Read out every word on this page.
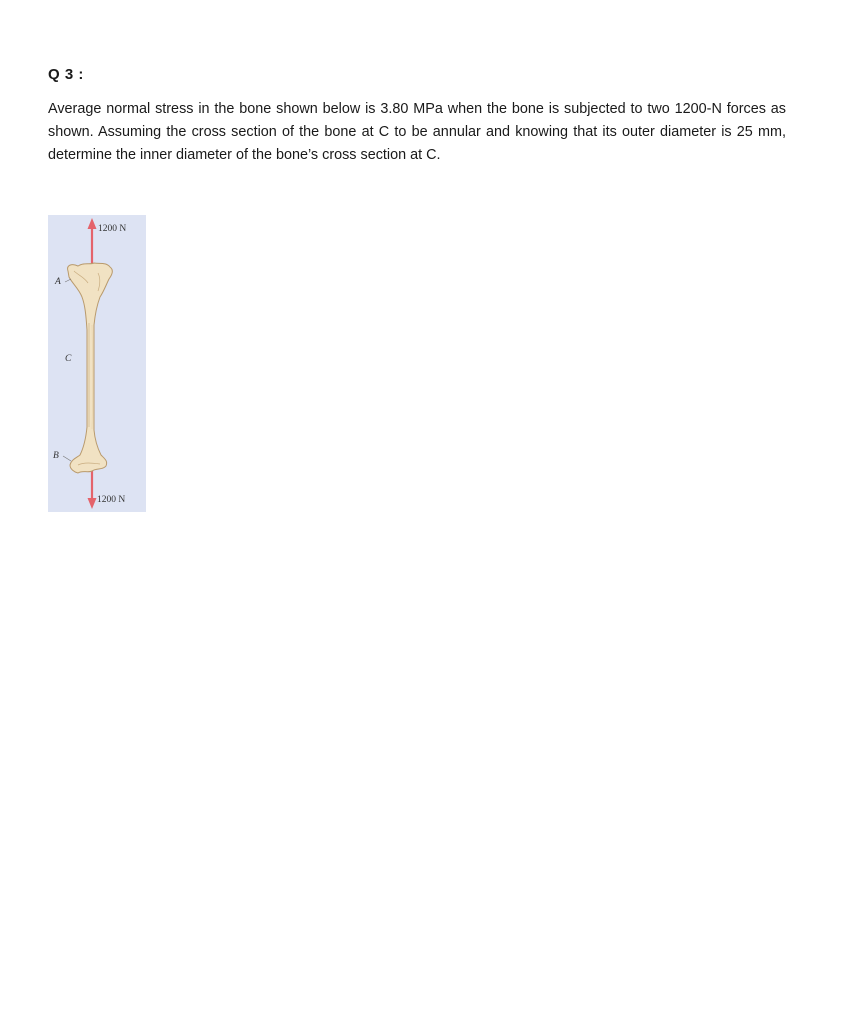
Q 3 :
Average normal stress in the bone shown below is 3.80 MPa when the bone is subjected to two 1200-N forces as shown. Assuming the cross section of the bone at C to be annular and knowing that its outer diameter is 25 mm, determine the inner diameter of the bone’s cross section at C.
1200 N
1200 N
A
C
B
